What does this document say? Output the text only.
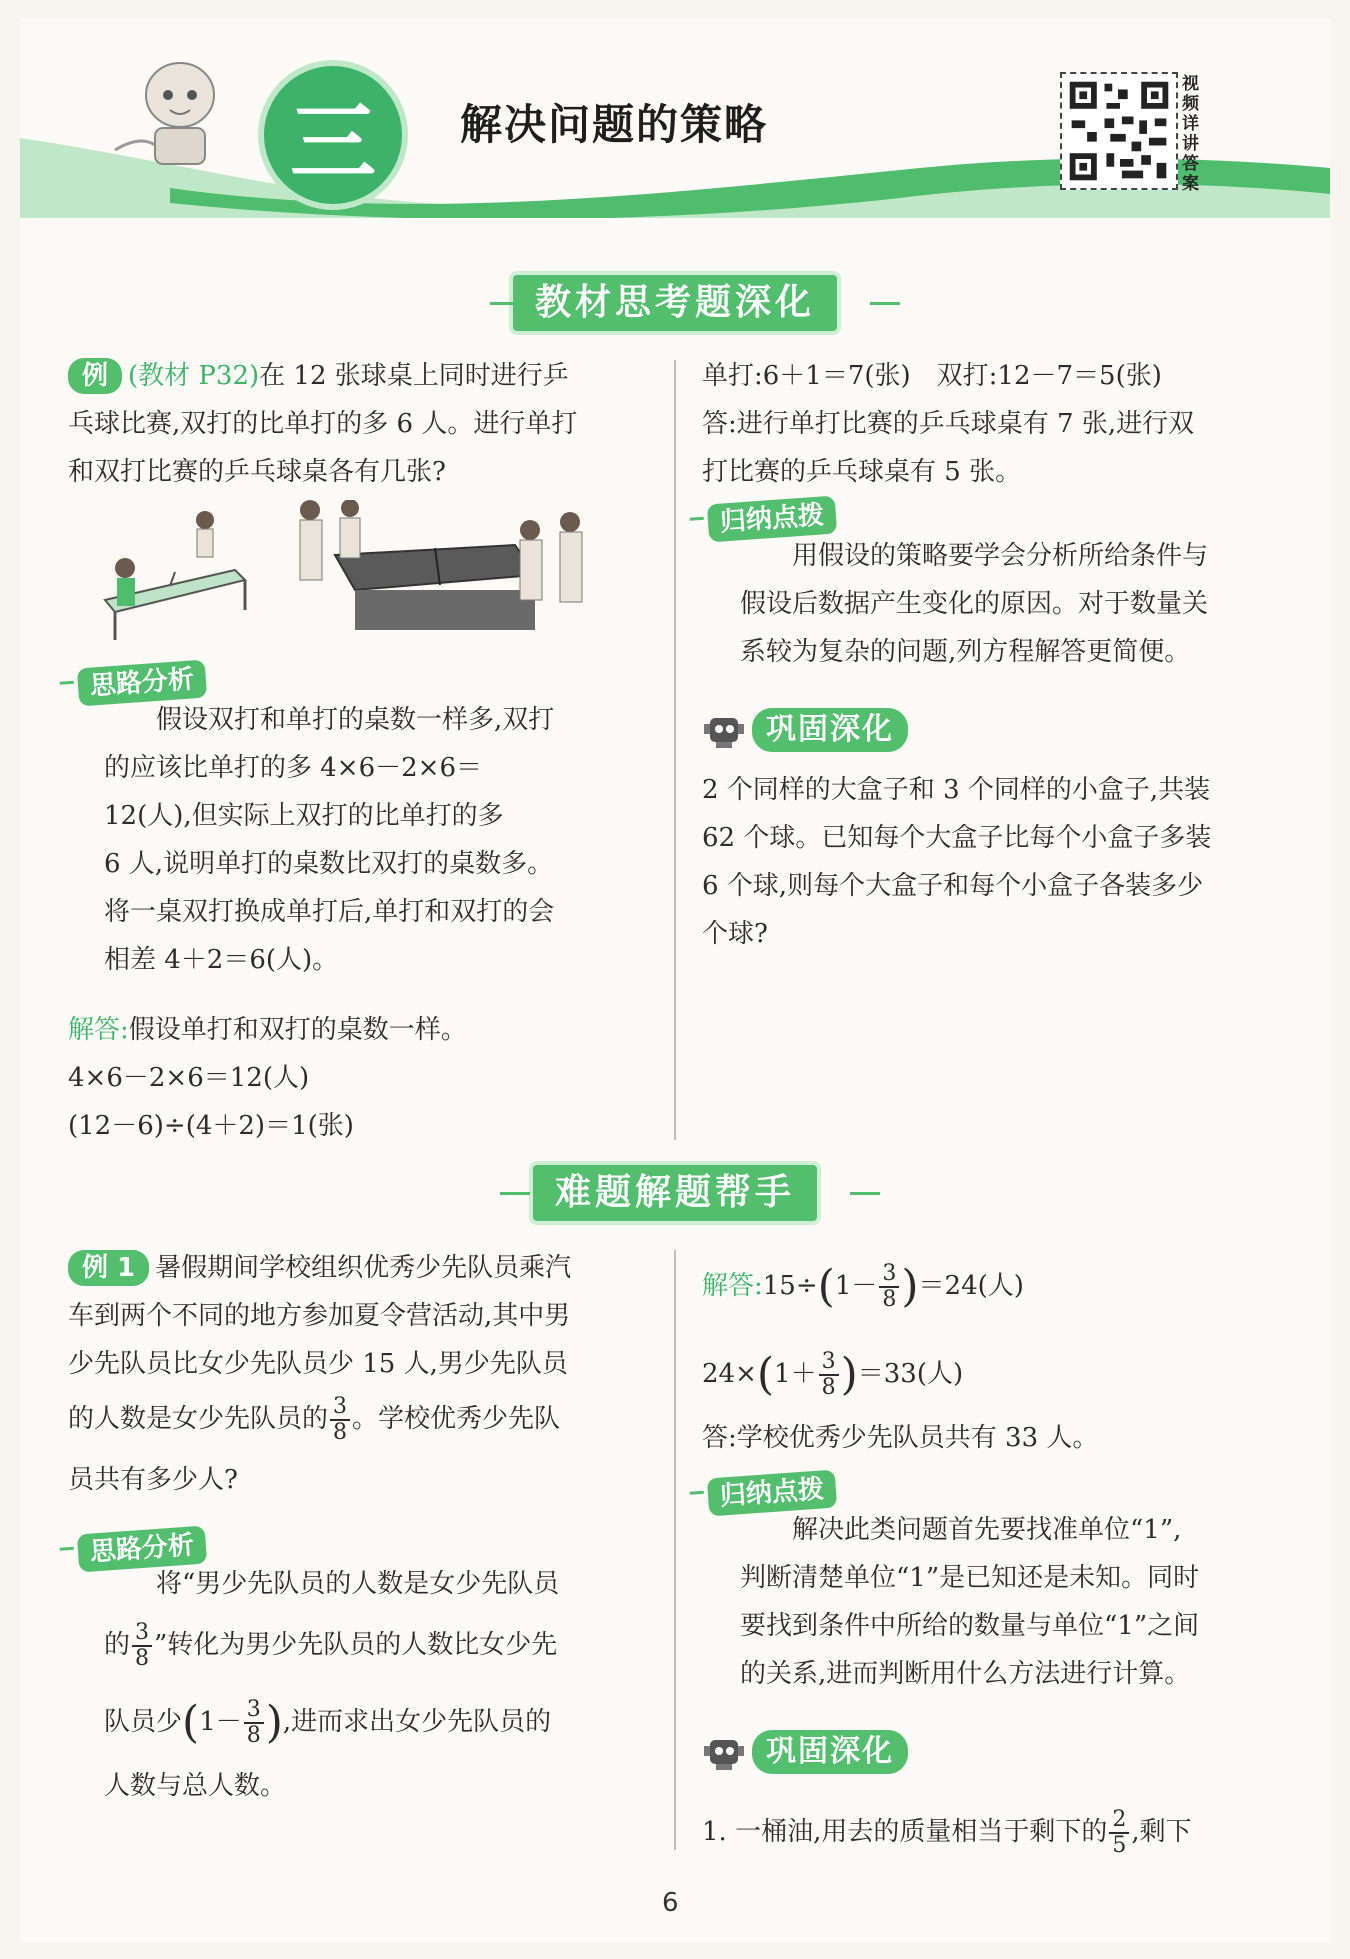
三	解决问题的策略
视频详讲答案
教材思考题深化

例 (教材 P32)在 12 张球桌上同时进行乒

乓球比赛,双打的比单打的多 6 人。进行单打

和双打比赛的乒乓球桌各有几张?

思路分析

假设双打和单打的桌数一样多,双打

的应该比单打的多 4×6－2×6＝

12(人),但实际上双打的比单打的多

6 人,说明单打的桌数比双打的桌数多。

将一桌双打换成单打后,单打和双打的会

相差 4＋2＝6(人)。

解答:假设单打和双打的桌数一样。

4×6－2×6＝12(人)

(12－6)÷(4＋2)＝1(张)

单打:6＋1＝7(张)　双打:12－7＝5(张)

答:进行单打比赛的乒乓球桌有 7 张,进行双

打比赛的乒乓球桌有 5 张。

归纳点拨

用假设的策略要学会分析所给条件与

假设后数据产生变化的原因。对于数量关

系较为复杂的问题,列方程解答更简便。

巩固深化

2 个同样的大盒子和 3 个同样的小盒子,共装

62 个球。已知每个大盒子比每个小盒子多装

6 个球,则每个大盒子和每个小盒子各装多少

个球?

难题解题帮手

例 1 暑假期间学校组织优秀少先队员乘汽

车到两个不同的地方参加夏令营活动,其中男

少先队员比女少先队员少 15 人,男少先队员

的人数是女少先队员的 $\frac{3}{8}$ 。学校优秀少先队

员共有多少人?

思路分析

将“男少先队员的人数是女少先队员

的 $\frac{3}{8}$ ”转化为男少先队员的人数比女少先

队员少($1- \frac{3}{8}$ ),进而求出女少先队员的

人数与总人数。

解答:15÷(1－ $\frac{3}{8} )=24$(人)

$24\times(1+ \frac{3}{8} )=33$(人)

答:学校优秀少先队员共有 33 人。

归纳点拨

解决此类问题首先要找准单位“1”,

判断清楚单位“1”是已知还是未知。同时

要找到条件中所给的数量与单位“1”之间

的关系,进而判断用什么方法进行计算。

巩固深化

1. 一桶油,用去的质量相当于剩下的 $\frac{2}{5}$ ,剩下

6
